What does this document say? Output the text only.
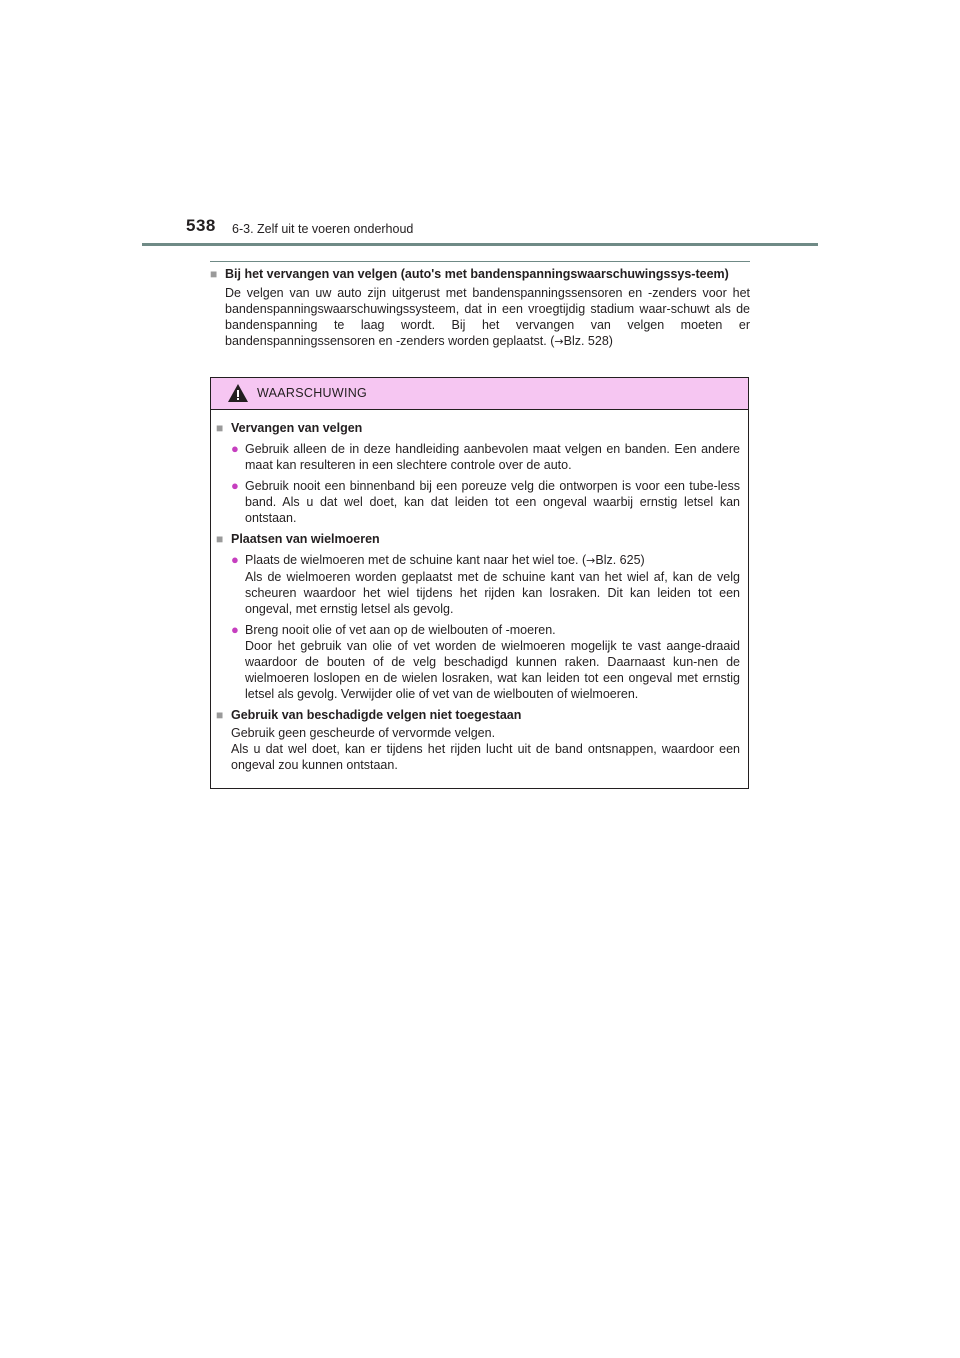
538 6-3. Zelf uit te voeren onderhoud
■ Bij het vervangen van velgen (auto's met bandenspanningswaarschuwingssys-teem)
De velgen van uw auto zijn uitgerust met bandenspanningssensoren en -zenders voor het bandenspanningswaarschuwingssysteem, dat in een vroegtijdig stadium waar-schuwt als de bandenspanning te laag wordt. Bij het vervangen van velgen moeten er bandenspanningssensoren en -zenders worden geplaatst. (→Blz. 528)
WAARSCHUWING
■ Vervangen van velgen
● Gebruik alleen de in deze handleiding aanbevolen maat velgen en banden. Een andere maat kan resulteren in een slechtere controle over de auto.
● Gebruik nooit een binnenband bij een poreuze velg die ontworpen is voor een tube-less band. Als u dat wel doet, kan dat leiden tot een ongeval waarbij ernstig letsel kan ontstaan.
■ Plaatsen van wielmoeren
● Plaats de wielmoeren met de schuine kant naar het wiel toe. (→Blz. 625)
Als de wielmoeren worden geplaatst met de schuine kant van het wiel af, kan de velg scheuren waardoor het wiel tijdens het rijden kan losraken. Dit kan leiden tot een ongeval, met ernstig letsel als gevolg.
● Breng nooit olie of vet aan op de wielbouten of -moeren.
Door het gebruik van olie of vet worden de wielmoeren mogelijk te vast aange-draaid waardoor de bouten of de velg beschadigd kunnen raken. Daarnaast kun-nen de wielmoeren loslopen en de wielen losraken, wat kan leiden tot een ongeval met ernstig letsel als gevolg. Verwijder olie of vet van de wielbouten of wielmoeren.
■ Gebruik van beschadigde velgen niet toegestaan
Gebruik geen gescheurde of vervormde velgen.
Als u dat wel doet, kan er tijdens het rijden lucht uit de band ontsnappen, waardoor een ongeval zou kunnen ontstaan.
